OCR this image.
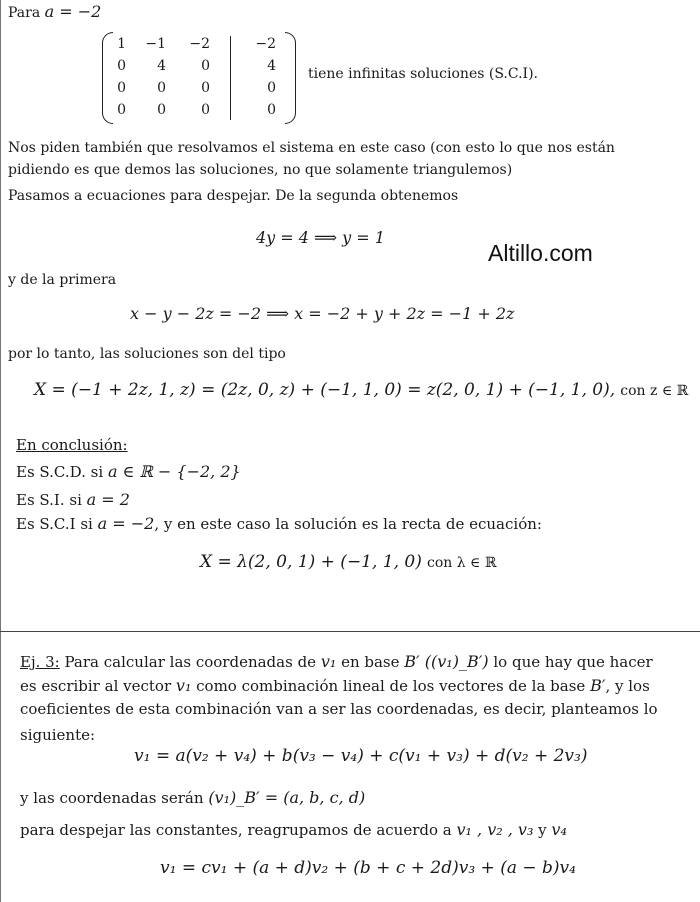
Para a = −2
1 −1 −2	−2
0	4	0	4
0	0	0	0
0	0	0	0
tiene infinitas soluciones (S.C.I).
Nos piden también que resolvamos el sistema en este caso (con esto lo que nos están
pidiendo es que demos las soluciones, no que solamente triangulemos)
Pasamos a ecuaciones para despejar. De la segunda obtenemos
4y = 4 ⟹ y = 1
Altillo.com
y de la primera
x − y − 2z = −2 ⟹ x = −2 + y + 2z = −1 + 2z
por lo tanto, las soluciones son del tipo
X = (−1 + 2z, 1, z) = (2z, 0, z) + (−1, 1, 0) = z(2, 0, 1) + (−1, 1, 0), con z ∈ ℝ
En conclusión:
Es S.C.D. si a ∈ ℝ − {−2, 2}
Es S.I. si a = 2
Es S.C.I si a = −2, y en este caso la solución es la recta de ecuación:
X = λ(2, 0, 1) + (−1, 1, 0) con λ ∈ ℝ
Ej. 3: Para calcular las coordenadas de v₁ en base B′ ((v₁)_B′) lo que hay que hacer
es escribir al vector v₁ como combinación lineal de los vectores de la base B′, y los
coeficientes de esta combinación van a ser las coordenadas, es decir, planteamos lo
siguiente:
v₁ = a(v₂ + v₄) + b(v₃ − v₄) + c(v₁ + v₃) + d(v₂ + 2v₃)
y las coordenadas serán (v₁)_B′ = (a, b, c, d)
para despejar las constantes, reagrupamos de acuerdo a v₁ , v₂ , v₃ y v₄
v₁ = cv₁ + (a + d)v₂ + (b + c + 2d)v₃ + (a − b)v₄
